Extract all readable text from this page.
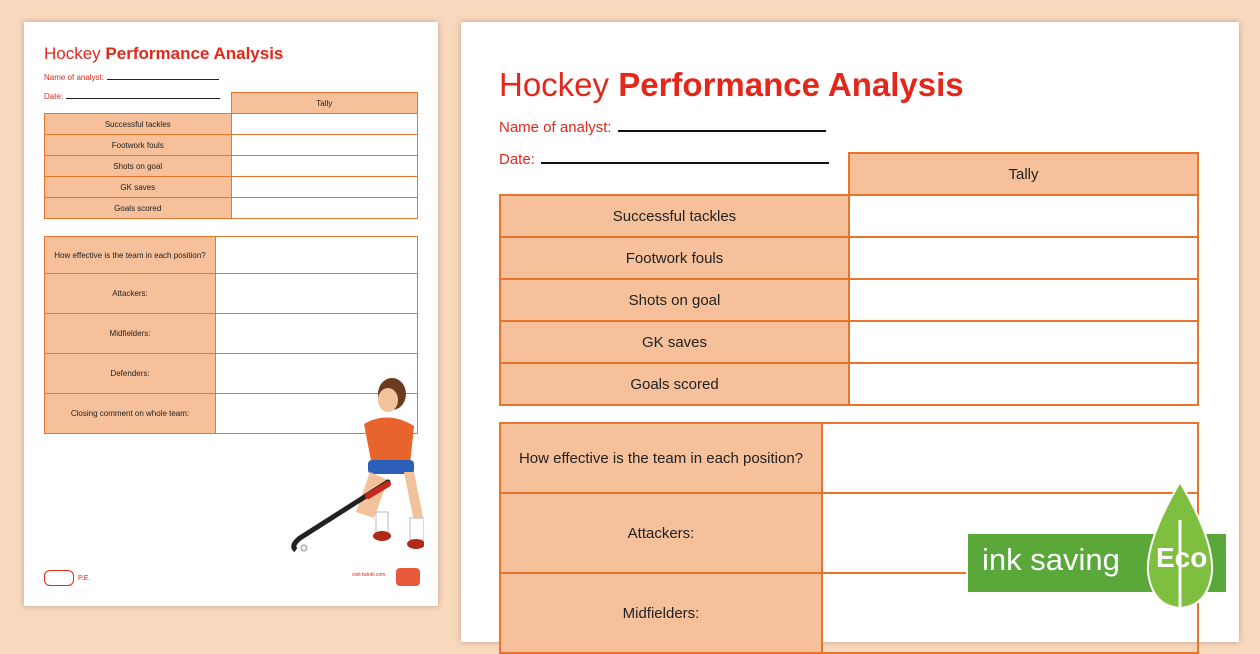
Hockey Performance Analysis
Name of analyst:
Date:
	Tally
Successful tackles	
Footwork fouls	
Shots on goal	
GK saves	
Goals scored	
How effective is the team in each position?	
Attackers:	
Midfielders:	
Defenders:	
Closing comment on whole team:	
P.E.	visit twinkl.com
Hockey Performance Analysis
Name of analyst:
Date:
	Tally
Successful tackles	
Footwork fouls	
Shots on goal	
GK saves	
Goals scored	
How effective is the team in each position?	
Attackers:	
Midfielders:	
ink saving Eco
